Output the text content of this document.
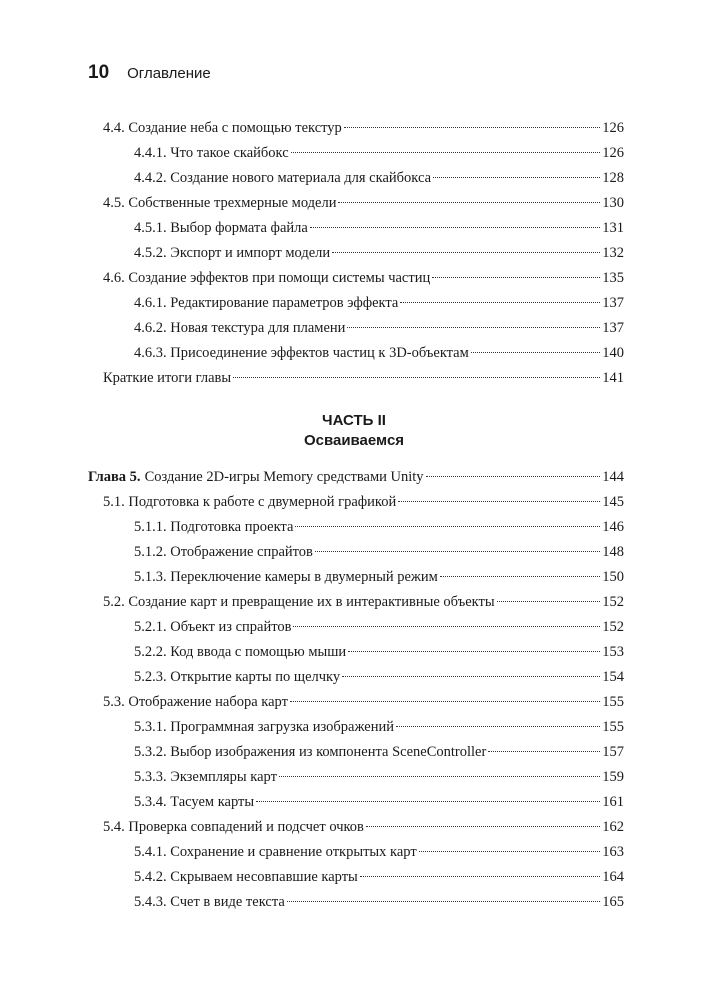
10 Оглавление
4.4. Создание неба с помощью текстур	126
4.4.1. Что такое скайбокс	126
4.4.2. Создание нового материала для скайбокса	128
4.5. Собственные трехмерные модели	130
4.5.1. Выбор формата файла	131
4.5.2. Экспорт и импорт модели	132
4.6. Создание эффектов при помощи системы частиц	135
4.6.1. Редактирование параметров эффекта	137
4.6.2. Новая текстура для пламени	137
4.6.3. Присоединение эффектов частиц к 3D-объектам	140
Краткие итоги главы	141
ЧАСТЬ II
Осваиваемся
Глава 5. Создание 2D-игры Memory средствами Unity	144
5.1. Подготовка к работе с двумерной графикой	145
5.1.1. Подготовка проекта	146
5.1.2. Отображение спрайтов	148
5.1.3. Переключение камеры в двумерный режим	150
5.2. Создание карт и превращение их в интерактивные объекты	152
5.2.1. Объект из спрайтов	152
5.2.2. Код ввода с помощью мыши	153
5.2.3. Открытие карты по щелчку	154
5.3. Отображение набора карт	155
5.3.1. Программная загрузка изображений	155
5.3.2. Выбор изображения из компонента SceneController	157
5.3.3. Экземпляры карт	159
5.3.4. Тасуем карты	161
5.4. Проверка совпадений и подсчет очков	162
5.4.1. Сохранение и сравнение открытых карт	163
5.4.2. Скрываем несовпавшие карты	164
5.4.3. Счет в виде текста	165
